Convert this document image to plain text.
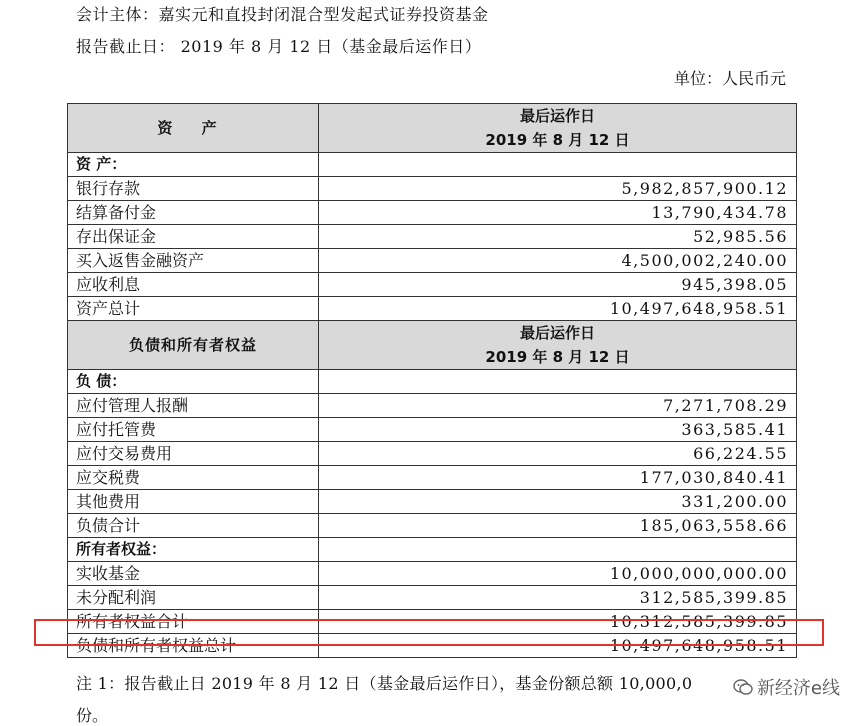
会计主体：嘉实元和直投封闭混合型发起式证券投资基金
报告截止日： 2019 年 8 月 12 日（基金最后运作日）
单位：人民币元
资 产	最后运作日
2019 年 8 月 12 日

资 产：	
银行存款	5,982,857,900.12
结算备付金	13,790,434.78
存出保证金	52,985.56
买入返售金融资产	4,500,002,240.00
应收利息	945,398.05
资产总计	10,497,648,958.51
负债和所有者权益	最后运作日
2019 年 8 月 12 日

负 债：	
应付管理人报酬	7,271,708.29
应付托管费	363,585.41
应付交易费用	66,224.55
应交税费	177,030,840.41
其他费用	331,200.00
负债合计	185,063,558.66
所有者权益：	
实收基金	10,000,000,000.00
未分配利润	312,585,399.85
所有者权益合计	10,312,585,399.85
负债和所有者权益总计	10,497,648,958.51
注 1：报告截止日 2019 年 8 月 12 日（基金最后运作日），基金份额总额 10,000,0
份。
新经济e线
